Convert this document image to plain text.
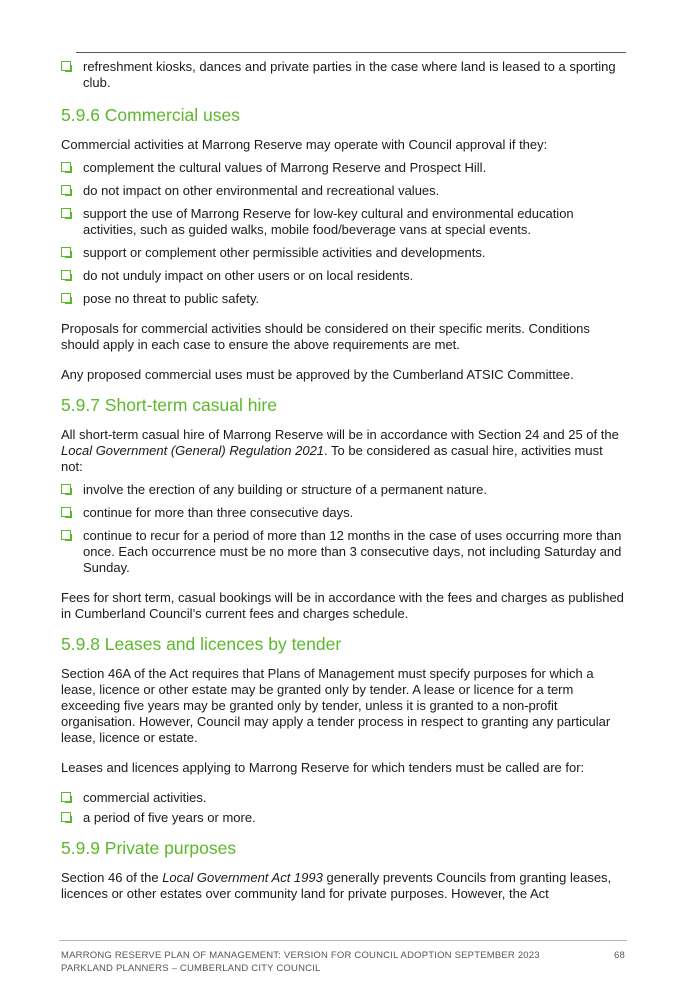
refreshment kiosks, dances and private parties in the case where land is leased to a sporting club.
5.9.6 Commercial uses

Commercial activities at Marrong Reserve may operate with Council approval if they:

complement the cultural values of Marrong Reserve and Prospect Hill.
do not impact on other environmental and recreational values.
support the use of Marrong Reserve for low-key cultural and environmental education activities, such as guided walks, mobile food/beverage vans at special events.
support or complement other permissible activities and developments.
do not unduly impact on other users or on local residents.
pose no threat to public safety.

Proposals for commercial activities should be considered on their specific merits. Conditions should apply in each case to ensure the above requirements are met.

Any proposed commercial uses must be approved by the Cumberland ATSIC Committee.

5.9.7 Short-term casual hire

All short-term casual hire of Marrong Reserve will be in accordance with Section 24 and 25 of the Local Government (General) Regulation 2021. To be considered as casual hire, activities must not:

involve the erection of any building or structure of a permanent nature.
continue for more than three consecutive days.
continue to recur for a period of more than 12 months in the case of uses occurring more than once. Each occurrence must be no more than 3 consecutive days, not including Saturday and Sunday.

Fees for short term, casual bookings will be in accordance with the fees and charges as published in Cumberland Council’s current fees and charges schedule.

5.9.8 Leases and licences by tender

Section 46A of the Act requires that Plans of Management must specify purposes for which a lease, licence or other estate may be granted only by tender. A lease or licence for a term exceeding five years may be granted only by tender, unless it is granted to a non-profit organisation. However, Council may apply a tender process in respect to granting any particular lease, licence or estate.

Leases and licences applying to Marrong Reserve for which tenders must be called are for:

commercial activities.
a period of five years or more.
5.9.9 Private purposes

Section 46 of the Local Government Act 1993 generally prevents Councils from granting leases, licences or other estates over community land for private purposes. However, the Act

MARRONG RESERVE PLAN OF MANAGEMENT: VERSION FOR COUNCIL ADOPTION SEPTEMBER 2023
PARKLAND PLANNERS – CUMBERLAND CITY COUNCIL
68
